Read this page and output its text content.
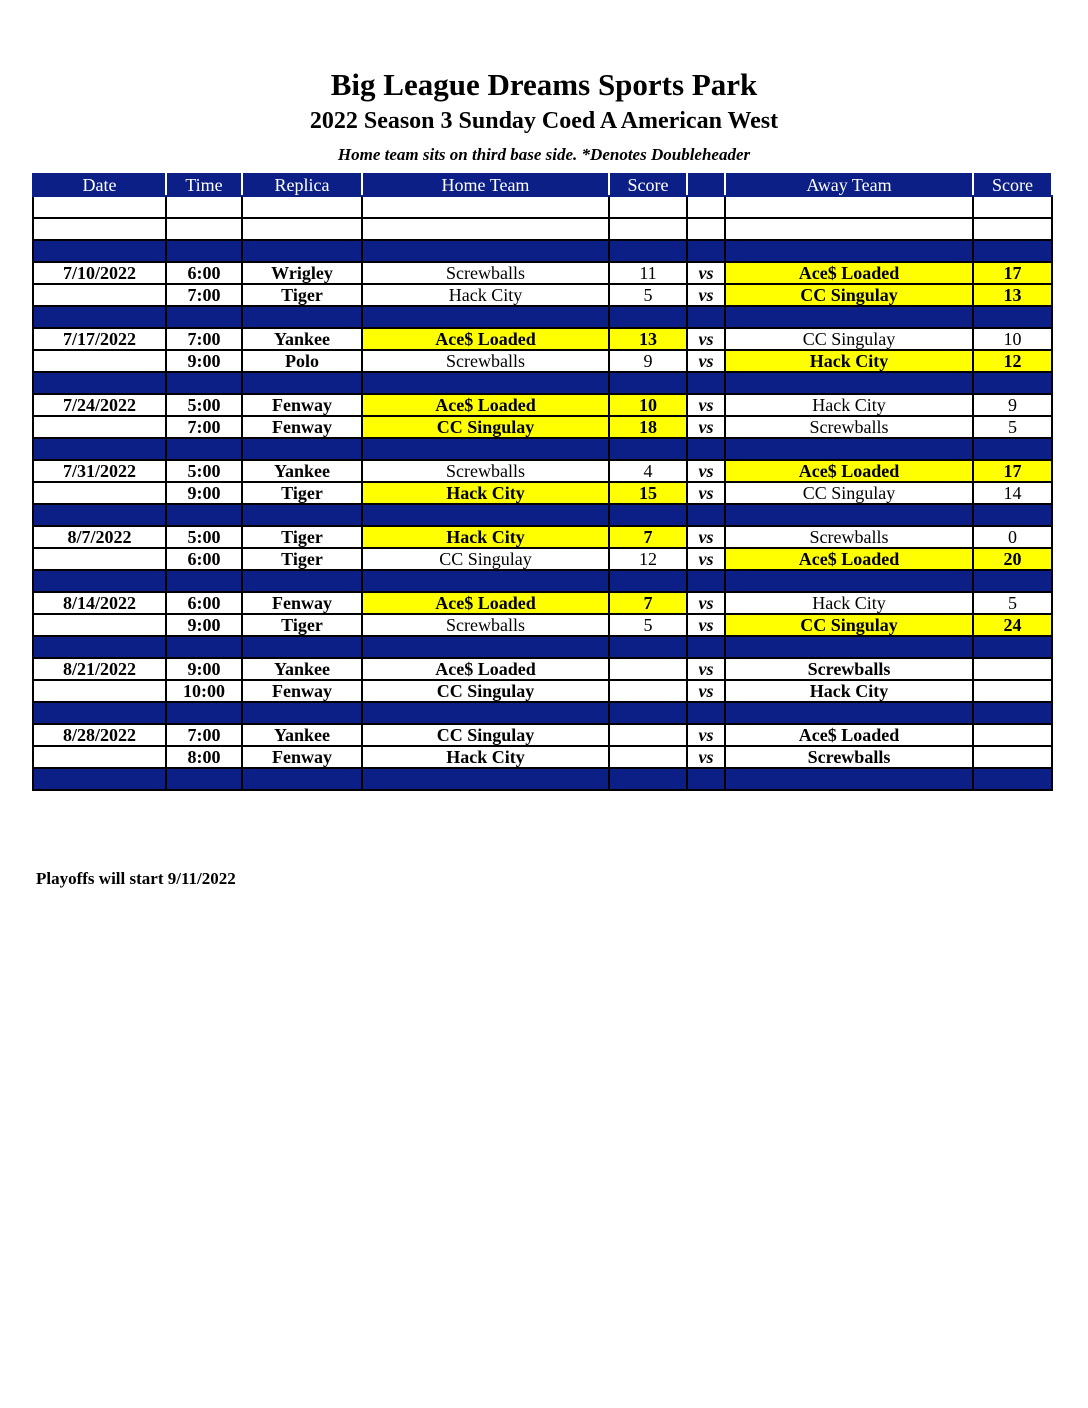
Big League Dreams Sports Park
2022 Season 3 Sunday Coed A American West
Home team sits on third base side. *Denotes Doubleheader
Date	Time	Replica	Home Team	Score		Away Team	Score

7/10/2022	6:00	Wrigley	Screwballs	11	vs	Ace$ Loaded	17
	7:00	Tiger	Hack City	5	vs	CC Singulay	13

7/17/2022	7:00	Yankee	Ace$ Loaded	13	vs	CC Singulay	10
	9:00	Polo	Screwballs	9	vs	Hack City	12

7/24/2022	5:00	Fenway	Ace$ Loaded	10	vs	Hack City	9
	7:00	Fenway	CC Singulay	18	vs	Screwballs	5

7/31/2022	5:00	Yankee	Screwballs	4	vs	Ace$ Loaded	17
	9:00	Tiger	Hack City	15	vs	CC Singulay	14

8/7/2022	5:00	Tiger	Hack City	7	vs	Screwballs	0
	6:00	Tiger	CC Singulay	12	vs	Ace$ Loaded	20

8/14/2022	6:00	Fenway	Ace$ Loaded	7	vs	Hack City	5
	9:00	Tiger	Screwballs	5	vs	CC Singulay	24

8/21/2022	9:00	Yankee	Ace$ Loaded		vs	Screwballs	
	10:00	Fenway	CC Singulay		vs	Hack City	

8/28/2022	7:00	Yankee	CC Singulay		vs	Ace$ Loaded	
	8:00	Fenway	Hack City		vs	Screwballs	

Playoffs will start 9/11/2022
